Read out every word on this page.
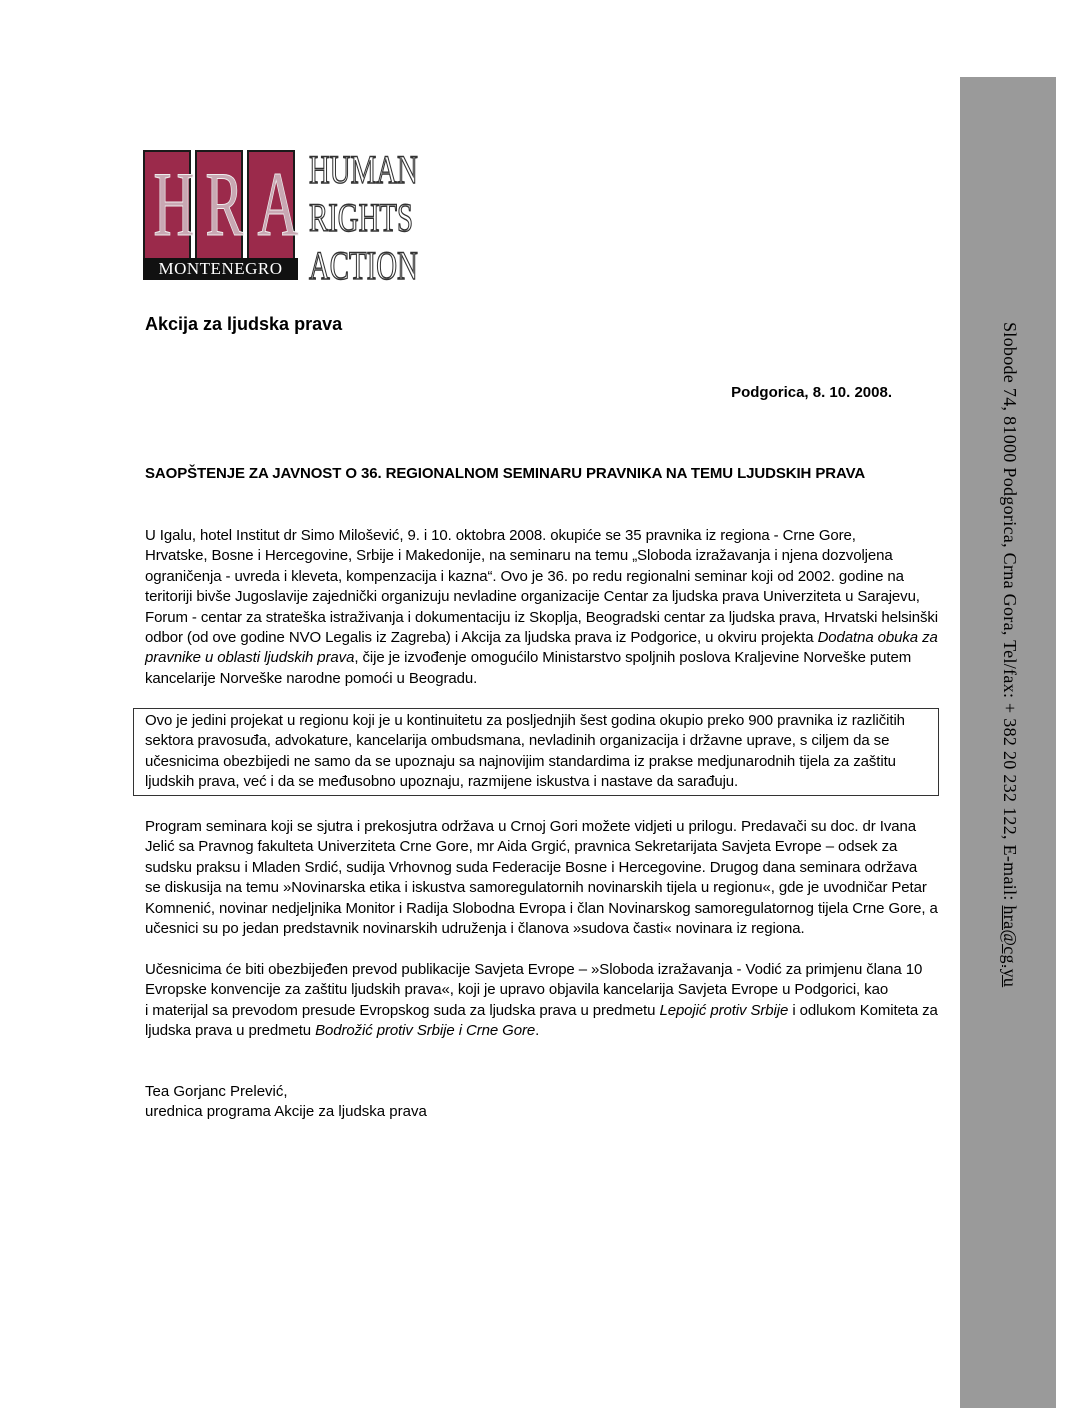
Slobode 74, 81000 Podgorica, Crna Gora, Tel/fax: + 382 20 232 122, E-mail: hra@cg.yu
H R A
MONTENEGRO
HUMAN
RIGHTS
ACTION
Akcija za ljudska prava
Podgorica, 8. 10. 2008.
SAOPŠTENJE ZA JAVNOST O 36. REGIONALNOM SEMINARU PRAVNIKA NA TEMU LJUDSKIH PRAVA
U Igalu, hotel Institut dr Simo Milošević, 9. i 10. oktobra 2008. okupiće se 35 pravnika iz regiona - Crne Gore,
Hrvatske, Bosne i Hercegovine, Srbije i Makedonije, na seminaru na temu „Sloboda izražavanja i njena dozvoljena
ograničenja - uvreda i kleveta, kompenzacija i kazna“. Ovo je 36. po redu regionalni seminar koji od 2002. godine na
teritoriji bivše Jugoslavije zajednički organizuju nevladine organizacije Centar za ljudska prava Univerziteta u Sarajevu,
Forum - centar za strateška istraživanja i dokumentaciju iz Skoplja, Beogradski centar za ljudska prava, Hrvatski helsinški
odbor (od ove godine NVO Legalis iz Zagreba) i Akcija za ljudska prava iz Podgorice, u okviru projekta Dodatna obuka za
pravnike u oblasti ljudskih prava, čije je izvođenje omogućilo Ministarstvo spoljnih poslova Kraljevine Norveške putem
kancelarije Norveške narodne pomoći u Beogradu.
Ovo je jedini projekat u regionu koji je u kontinuitetu za posljednjih šest godina okupio preko 900 pravnika iz različitih
sektora pravosuđa, advokature, kancelarija ombudsmana, nevladinih organizacija i državne uprave, s ciljem da se
učesnicima obezbijedi ne samo da se upoznaju sa najnovijim standardima iz prakse medjunarodnih tijela za zaštitu
ljudskih prava, već i da se međusobno upoznaju, razmijene iskustva i nastave da sarađuju.
Program seminara koji se sjutra i prekosjutra održava u Crnoj Gori možete vidjeti u prilogu. Predavači su doc. dr Ivana
Jelić sa Pravnog fakulteta Univerziteta Crne Gore, mr Aida Grgić, pravnica Sekretarijata Savjeta Evrope – odsek za
sudsku praksu i Mladen Srdić, sudija Vrhovnog suda Federacije Bosne i Hercegovine. Drugog dana seminara održava
se diskusija na temu »Novinarska etika i iskustva samoregulatornih novinarskih tijela u regionu«, gde je uvodničar Petar
Komnenić, novinar nedjeljnika Monitor i Radija Slobodna Evropa i član Novinarskog samoregulatornog tijela Crne Gore, a
učesnici su po jedan predstavnik novinarskih udruženja i članova »sudova časti« novinara iz regiona.
Učesnicima će biti obezbijeđen prevod publikacije Savjeta Evrope – »Sloboda izražavanja - Vodić za primjenu člana 10
Evropske konvencije za zaštitu ljudskih prava«, koji je upravo objavila kancelarija Savjeta Evrope u Podgorici, kao
i materijal sa prevodom presude Evropskog suda za ljudska prava u predmetu Lepojić protiv Srbije i odlukom Komiteta za
ljudska prava u predmetu Bodrožić protiv Srbije i Crne Gore.
Tea Gorjanc Prelević,
urednica programa Akcije za ljudska prava
